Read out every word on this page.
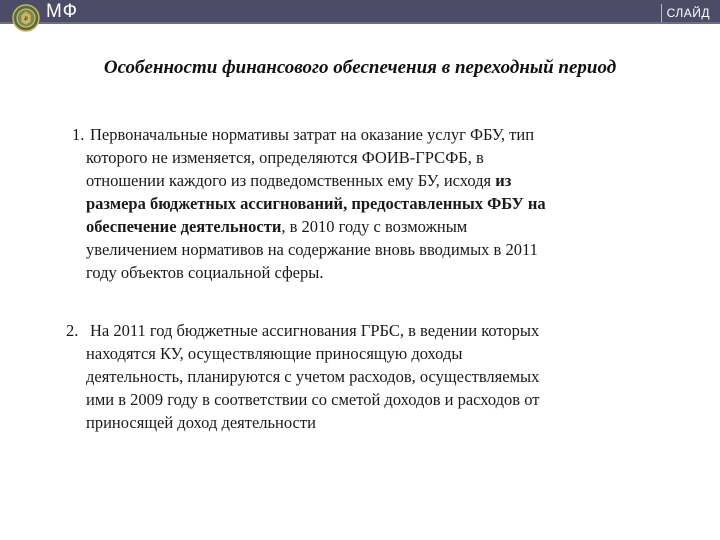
₽ МФ	СЛАЙД
Особенности финансового обеспечения в переходный период
1. Первоначальные нормативы затрат на оказание услуг ФБУ, тип
которого не изменяется, определяются ФОИВ-ГРСФБ, в
отношении каждого из подведомственных ему БУ, исходя из
размера бюджетных ассигнований, предоставленных ФБУ на
обеспечение деятельности, в 2010 году с возможным
увеличением нормативов на содержание вновь вводимых в 2011
году объектов социальной сферы.
2. На 2011 год бюджетные ассигнования ГРБС, в ведении которых
находятся КУ, осуществляющие приносящую доходы
деятельность, планируются с учетом расходов, осуществляемых
ими в 2009 году в соответствии со сметой доходов и расходов от
приносящей доход деятельности
